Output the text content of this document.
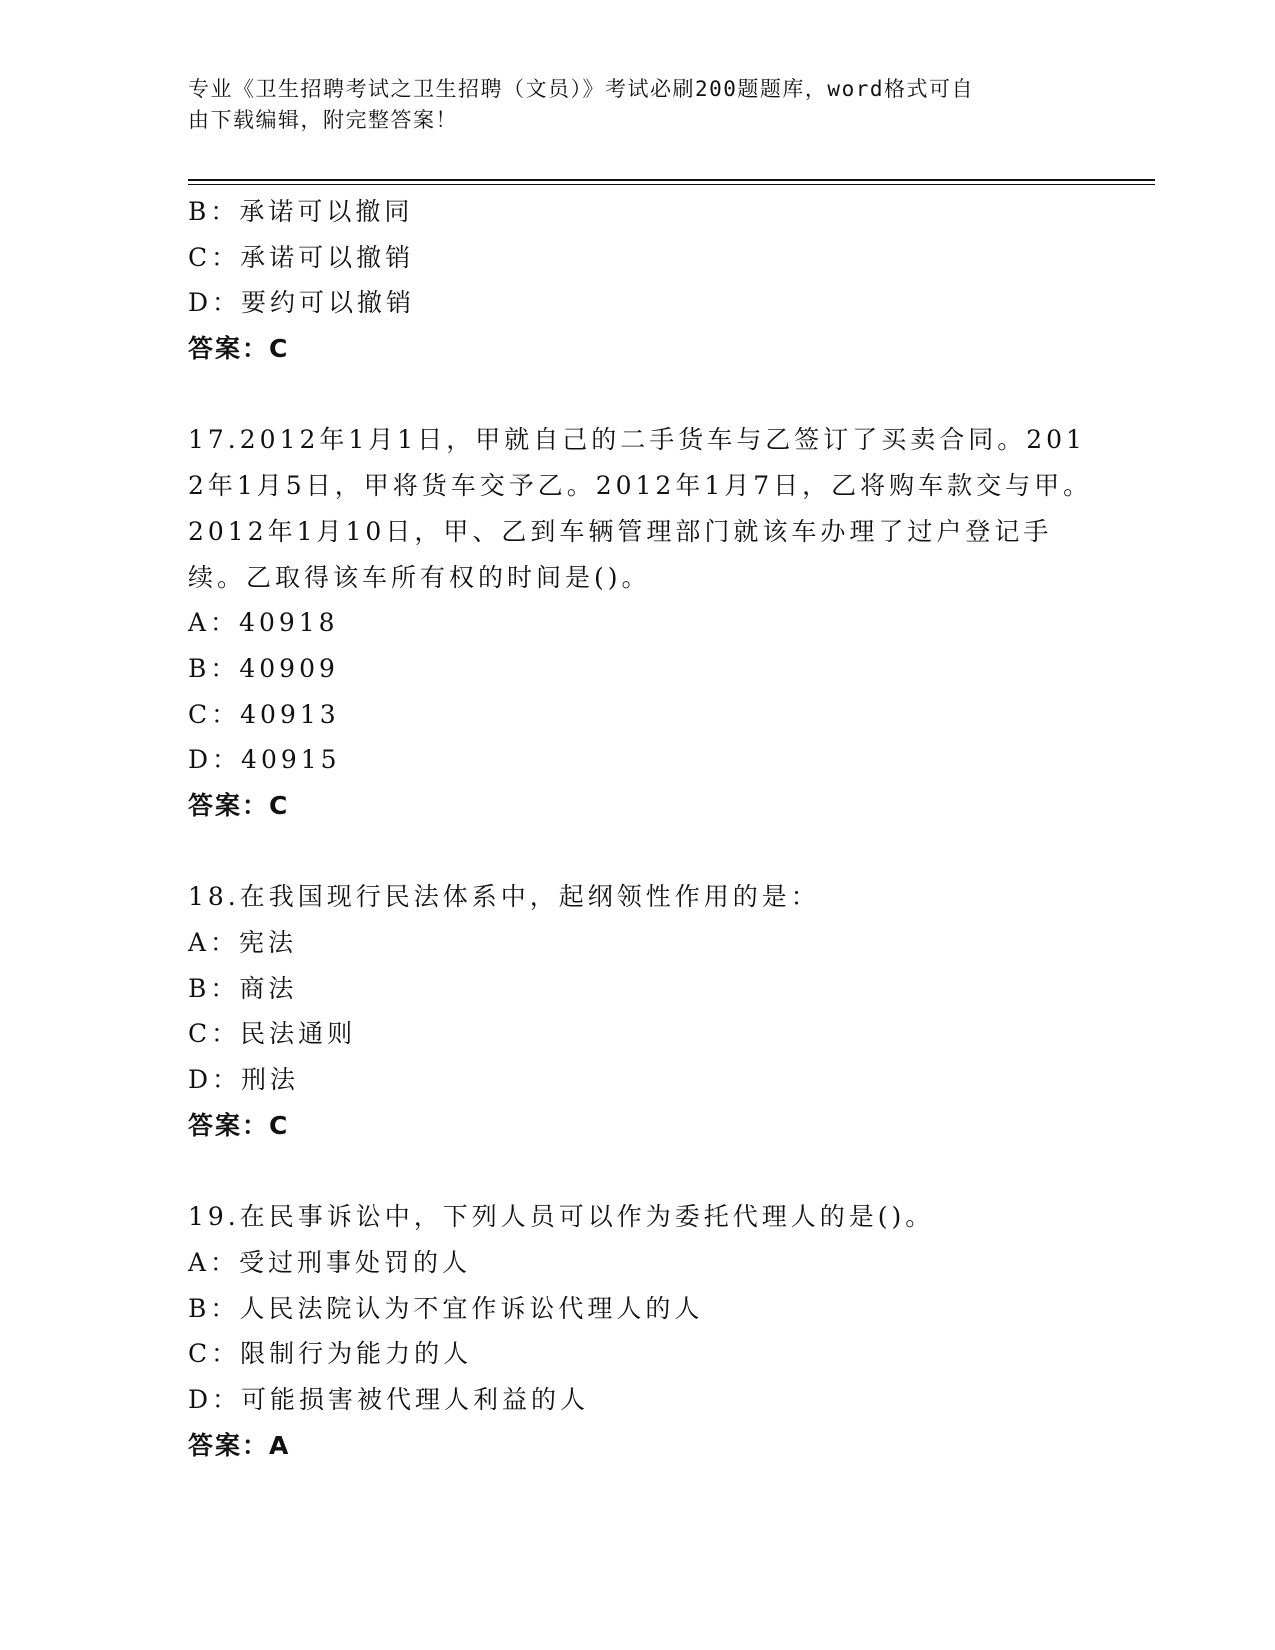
专业《卫生招聘考试之卫生招聘（文员）》考试必刷200题题库，word格式可自
由下载编辑，附完整答案！
B：承诺可以撤同
C：承诺可以撤销
D：要约可以撤销
答案：C
17.2012年1月1日，甲就自己的二手货车与乙签订了买卖合同。2012年1月5日，甲将货车交予乙。2012年1月7日，乙将购车款交与甲。2012年1月10日，甲、乙到车辆管理部门就该车办理了过户登记手续。乙取得该车所有权的时间是()。
A：40918
B：40909
C：40913
D：40915
答案：C
18.在我国现行民法体系中，起纲领性作用的是：
A：宪法
B：商法
C：民法通则
D：刑法
答案：C
19.在民事诉讼中，下列人员可以作为委托代理人的是()。
A：受过刑事处罚的人
B：人民法院认为不宜作诉讼代理人的人
C：限制行为能力的人
D：可能损害被代理人利益的人
答案：A
